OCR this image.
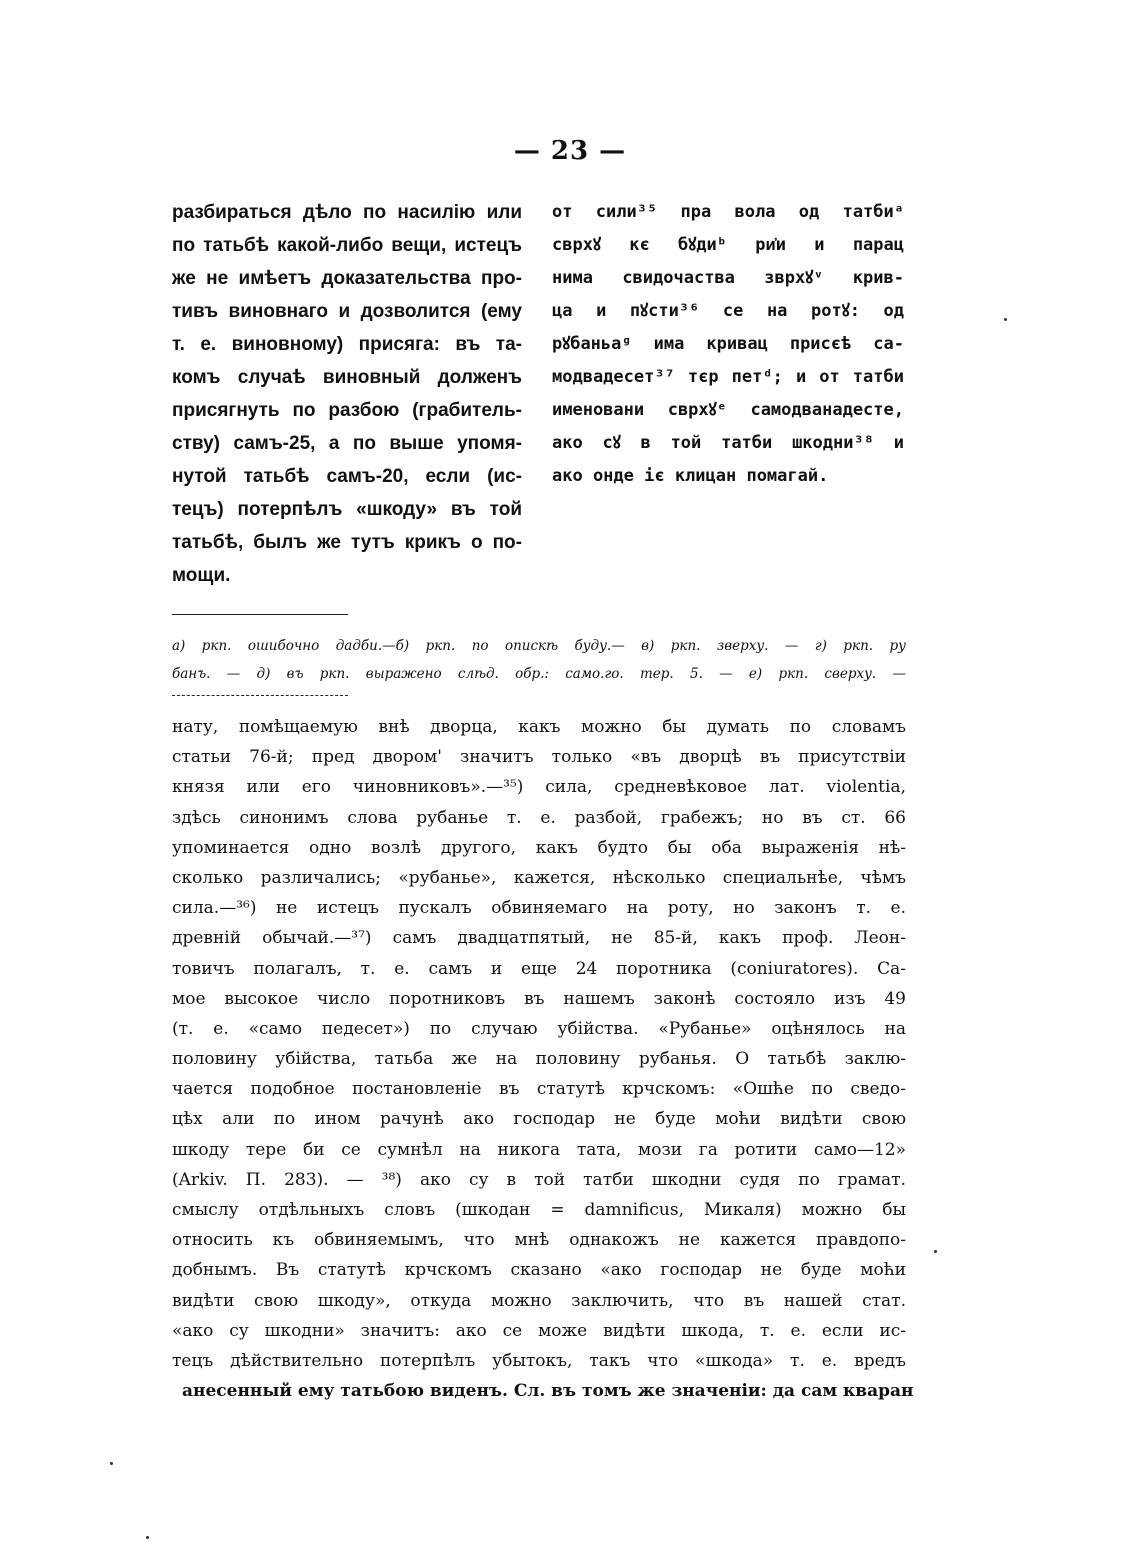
— 23 —
разбираться дѣло по насилію или
по татьбѣ какой-либо вещи, истецъ
же не имѣетъ доказательства про-
тивъ виновнаго и дозволится (ему
т. е. виновному) присяга: въ та-
комъ случаѣ виновный долженъ
присягнуть по разбою (грабитель-
ству) самъ-25, а по выше упомя-
нутой татьбѣ самъ-20, если (ис-
тецъ) потерпѣлъ «шкоду» въ той
татьбѣ, былъ же тутъ крикъ о по-
мощи.
от сили³⁵ пра вола од татбиᵃ
сврхꙋ кє бꙋдиᵇ ри҆и и парац
нима свидочаства зврхꙋᵛ крив-
ца и пꙋсти³⁶ се на ротꙋ: од
рꙋбаньаᶢ има кривац присєѣ са-
модвадесет³⁷ тєр петᵈ; и от татби
именовани сврхꙋᵉ самодванадесте,
ако сꙋ в той татби шкодни³⁸ и
ако онде іє клицан помагай.
а) ркп. ошибочно дадби.—б) ркп. по опискѣ буду.— в) ркп. зверху. — г) ркп. ру
банъ. — д) въ ркп. выражено слѣд. обр.: само.го. тер. 5. — е) ркп. сверху. —
нату, помѣщаемую внѣ дворца, какъ можно бы думать по словамъ
статьи 76-й; пред двором' значитъ только «въ дворцѣ въ присутствіи
князя или его чиновниковъ».—³⁵) сила, средневѣковое лат. violentia,
здѣсь синонимъ слова рубанье т. е. разбой, грабежъ; но въ ст. 66
упоминается одно возлѣ другого, какъ будто бы оба выраженія нѣ-
сколько различались; «рубанье», кажется, нѣсколько специальнѣе, чѣмъ
сила.—³⁶) не истецъ пускалъ обвиняемаго на роту, но законъ т. е.
древній обычай.—³⁷) самъ двадцатпятый, не 85-й, какъ проф. Леон-
товичъ полагалъ, т. е. самъ и еще 24 поротника (coniuratores). Са-
мое высокое число поротниковъ въ нашемъ законѣ состояло изъ 49
(т. е. «само педесет») по случаю убійства. «Рубанье» оцѣнялось на
половину убійства, татьба же на половину рубанья. О татьбѣ заклю-
чается подобное постановленіе въ статутѣ крчскомъ: «Ошће по сведо-
цѣх али по ином рачунѣ ако господар не буде моћи видѣти свою
шкоду тере би се сумнѣл на никога тата, мози га ротити само—12»
(Arkiv. П. 283). — ³⁸) ако су в той татби шкодни судя по грамат.
смыслу отдѣльныхъ словъ (шкодан = damnificus, Микаля) можно бы
относить къ обвиняемымъ, что мнѣ однакожъ не кажется правдопо-
добнымъ. Въ статутѣ крчскомъ сказано «ако господар не буде моћи
видѣти свою шкоду», откуда можно заключить, что въ нашей стат.
«ако су шкодни» значитъ: ако се може видѣти шкода, т. е. если ис-
тецъ дѣйствительно потерпѣлъ убытокъ, такъ что «шкода» т. е. вредъ
анесенный ему татьбою виденъ. Сл. въ томъ же значеніи: да сам кваран
